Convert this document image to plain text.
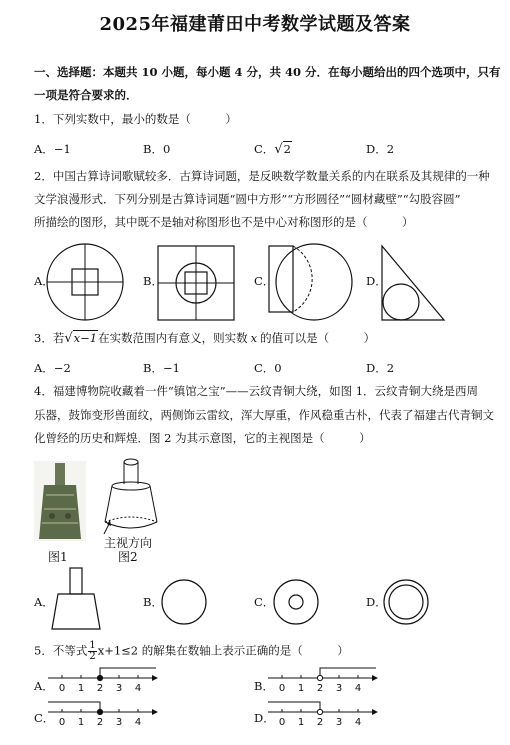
2025年福建莆田中考数学试题及答案
一、选择题：本题共 10 小题，每小题 4 分，共 40 分．在每小题给出的四个选项中，只有
一项是符合要求的．
1．下列实数中，最小的数是（　　　）
A．−1	B．0	C．√2	D．2
2．中国古算诗词歌赋较多．古算诗词题，是反映数学数量关系的内在联系及其规律的一种
文学浪漫形式．下列分别是古算诗词题“圆中方形”“方形圆径”“圆材藏壁”“勾股容圆”
所描绘的图形，其中既不是轴对称图形也不是中心对称图形的是（　　　）
A．	B．	C．	D．
3．若√x−1在实数范围内有意义，则实数 x 的值可以是（　　　）
A．−2	B．−1	C．0	D．2
4．福建博物院收藏着一件“镇馆之宝”——云纹青铜大绕，如图 1．云纹青铜大绕是西周
乐器，鼓饰变形兽面纹，两侧饰云雷纹，浑大厚重，作风稳重古朴，代表了福建古代青铜文
化曾经的历史和辉煌．图 2 为其示意图，它的主视图是（　　　）
图1
主视方向
图2
A．	B．	C．	D．
5．不等式 $\frac{1}{2} x+1\le 2$ 的解集在数轴上表示正确的是（　　　）
A． 0 1 2 3 4	B． 0 1 2 3 4
C． 0 1 2 3 4	D． 0 1 2 3 4
